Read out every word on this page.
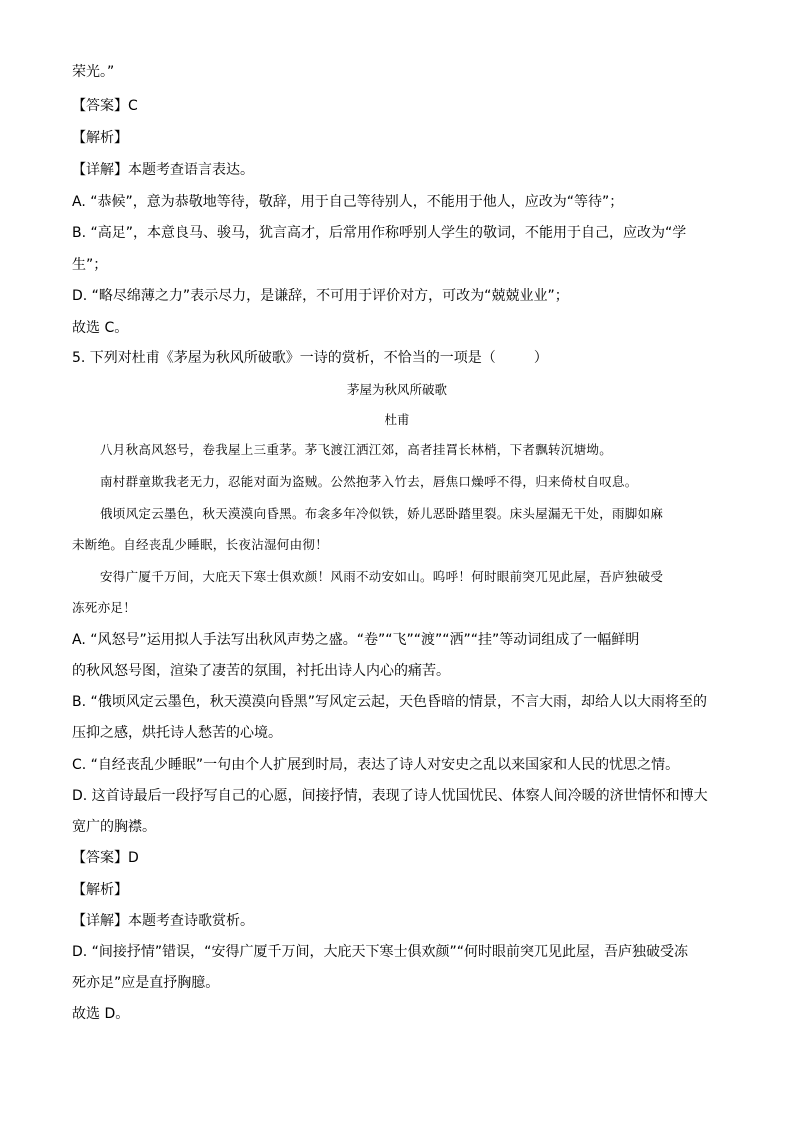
荣光。”
【答案】C
【解析】
【详解】本题考查语言表达。
A. “恭候”，意为恭敬地等待，敬辞，用于自己等待别人，不能用于他人，应改为“等待”；
B. “高足”，本意良马、骏马，犹言高才，后常用作称呼别人学生的敬词，不能用于自己，应改为“学
生”；
D. “略尽绵薄之力”表示尽力，是谦辞，不可用于评价对方，可改为“兢兢业业”；
故选 C。
5. 下列对杜甫《茅屋为秋风所破歌》一诗的赏析，不恰当的一项是（	）
茅屋为秋风所破歌
杜甫
八月秋高风怒号，卷我屋上三重茅。茅飞渡江洒江郊，高者挂罥长林梢，下者飘转沉塘坳。
南村群童欺我老无力，忍能对面为盗贼。公然抱茅入竹去，唇焦口燥呼不得，归来倚杖自叹息。
俄顷风定云墨色，秋天漠漠向昏黑。布衾多年冷似铁，娇儿恶卧踏里裂。床头屋漏无干处，雨脚如麻
未断绝。自经丧乱少睡眠，长夜沾湿何由彻！
安得广厦千万间，大庇天下寒士俱欢颜！风雨不动安如山。呜呼！何时眼前突兀见此屋，吾庐独破受
冻死亦足！
A. “风怒号”运用拟人手法写出秋风声势之盛。“卷”“飞”“渡”“洒”“挂”等动词组成了一幅鲜明
的秋风怒号图，渲染了凄苦的氛围，衬托出诗人内心的痛苦。
B. “俄顷风定云墨色，秋天漠漠向昏黑”写风定云起，天色昏暗的情景，不言大雨，却给人以大雨将至的
压抑之感，烘托诗人愁苦的心境。
C. “自经丧乱少睡眠”一句由个人扩展到时局，表达了诗人对安史之乱以来国家和人民的忧思之情。
D. 这首诗最后一段抒写自己的心愿，间接抒情，表现了诗人忧国忧民、体察人间冷暖的济世情怀和博大
宽广的胸襟。
【答案】D
【解析】
【详解】本题考查诗歌赏析。
D. “间接抒情”错误，“安得广厦千万间，大庇天下寒士俱欢颜”“何时眼前突兀见此屋，吾庐独破受冻
死亦足”应是直抒胸臆。
故选 D。
